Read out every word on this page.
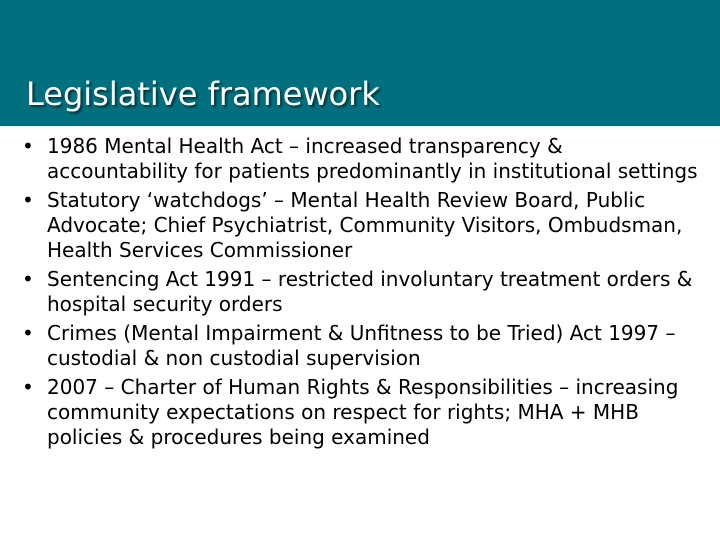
Legislative framework
• 1986 Mental Health Act – increased transparency & accountability for patients predominantly in institutional settings
• Statutory ‘watchdogs’ – Mental Health Review Board, Public Advocate; Chief Psychiatrist, Community Visitors, Ombudsman, Health Services Commissioner
• Sentencing Act 1991 – restricted involuntary treatment orders & hospital security orders
• Crimes (Mental Impairment & Unfitness to be Tried) Act 1997 – custodial & non custodial supervision
• 2007 – Charter of Human Rights & Responsibilities – increasing community expectations on respect for rights; MHA + MHB policies & procedures being examined
